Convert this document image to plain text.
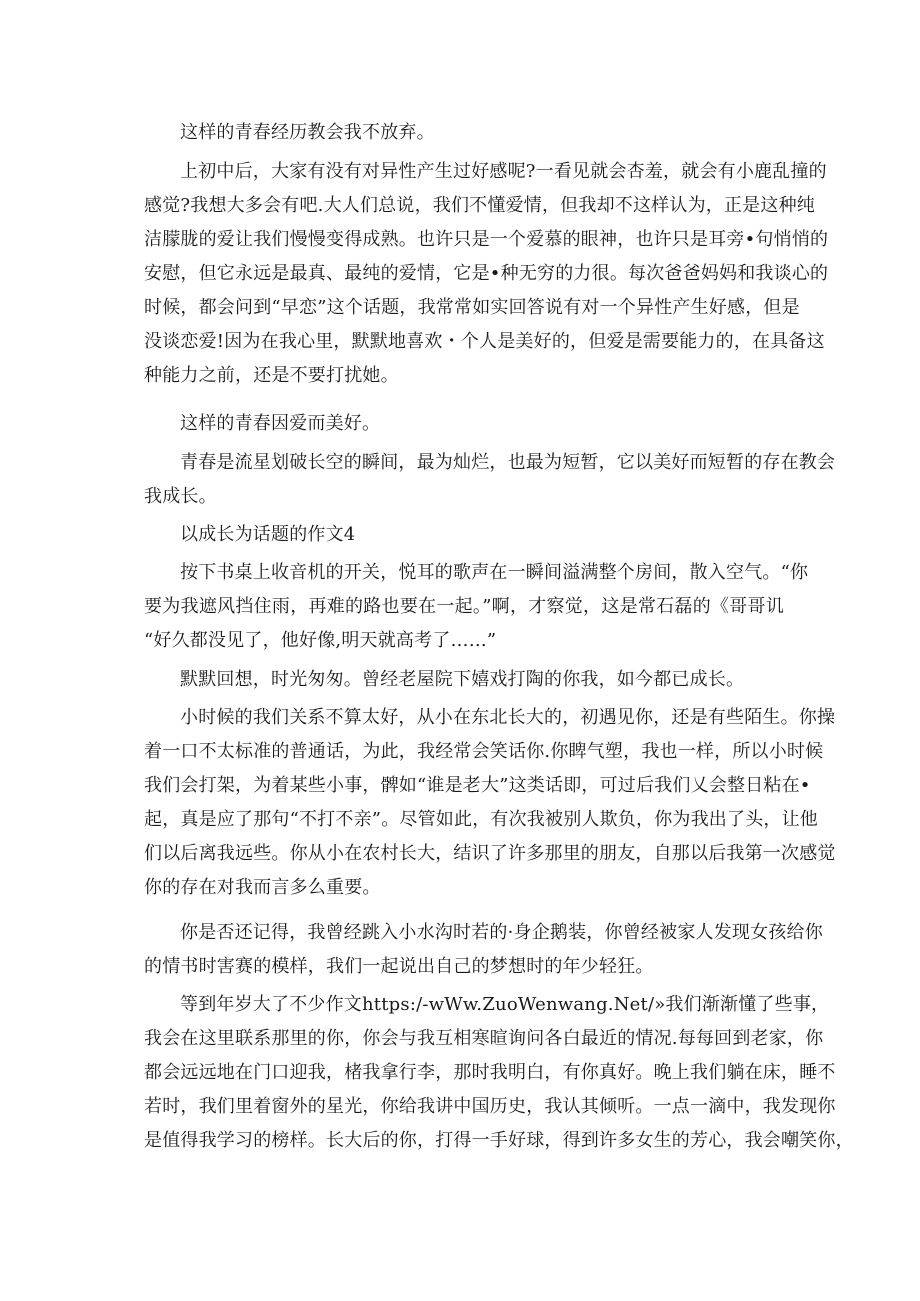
这样的青春经历教会我不放弃。
上初中后，大家有没有对异性产生过好感呢?一看见就会杏羞，就会有小鹿乱撞的
感觉?我想大多会有吧.大人们总说，我们不懂爱情，但我却不这样认为，正是这种纯
洁朦胧的爱让我们慢慢变得成熟。也许只是一个爱慕的眼神，也许只是耳旁•句悄悄的
安慰，但它永远是最真、最纯的爱情，它是•种无穷的力很。每次爸爸妈妈和我谈心的
时候，都会问到“早恋”这个话题，我常常如实回答说有对一个异性产生好感，但是
没谈恋爱!因为在我心里，默默地喜欢・个人是美好的，但爱是需要能力的，在具备这
种能力之前，还是不要打扰她。
这样的青春因爱而美好。
青春是流星划破长空的瞬间，最为灿烂，也最为短暂，它以美好而短暂的存在教会
我成长。
以成长为话题的作文4
按下书桌上收音机的开关，悦耳的歌声在一瞬间溢满整个房间，散入空气。“你
要为我遮风挡住雨，再难的路也要在一起。”啊，才察觉，这是常石磊的《哥哥讥
“好久都没见了，他好像,明天就高考了……”
默默回想，时光匆匆。曾经老屋院下嬉戏打陶的你我，如今都已成长。
小时候的我们关系不算太好，从小在东北长大的，初遇见你，还是有些陌生。你操
着一口不太标准的普通话，为此，我经常会笑话你.你睥气塑，我也一样，所以小时候
我们会打架，为着某些小事，髀如“谁是老大”这类话即，可过后我们乂会整日粘在•
起，真是应了那句“不打不亲”。尽管如此，有次我被别人欺负，你为我出了头，让他
们以后离我远些。你从小在农村长大，结识了许多那里的朋友，自那以后我第一次感觉
你的存在对我而言多么重要。
你是否还记得，我曾经跳入小水沟时若的·身企鹅装，你曾经被家人发现女孩给你
的情书时害赛的模样，我们一起说出自己的梦想时的年少轻狂。
等到年岁大了不少作文https:/-wWw.ZuoWenwang.Net/»我们渐渐懂了些事，
我会在这里联系那里的你，你会与我互相寒暄询问各白最近的情况.每每回到老家，你
都会远远地在门口迎我，楮我拿行李，那时我明白，有你真好。晚上我们躺在床，睡不
若时，我们里着窗外的星光，你给我讲中国历史，我认其倾听。一点一滴中，我发现你
是值得我学习的榜样。长大后的你，打得一手好球，得到许多女生的芳心，我会嘲笑你，
